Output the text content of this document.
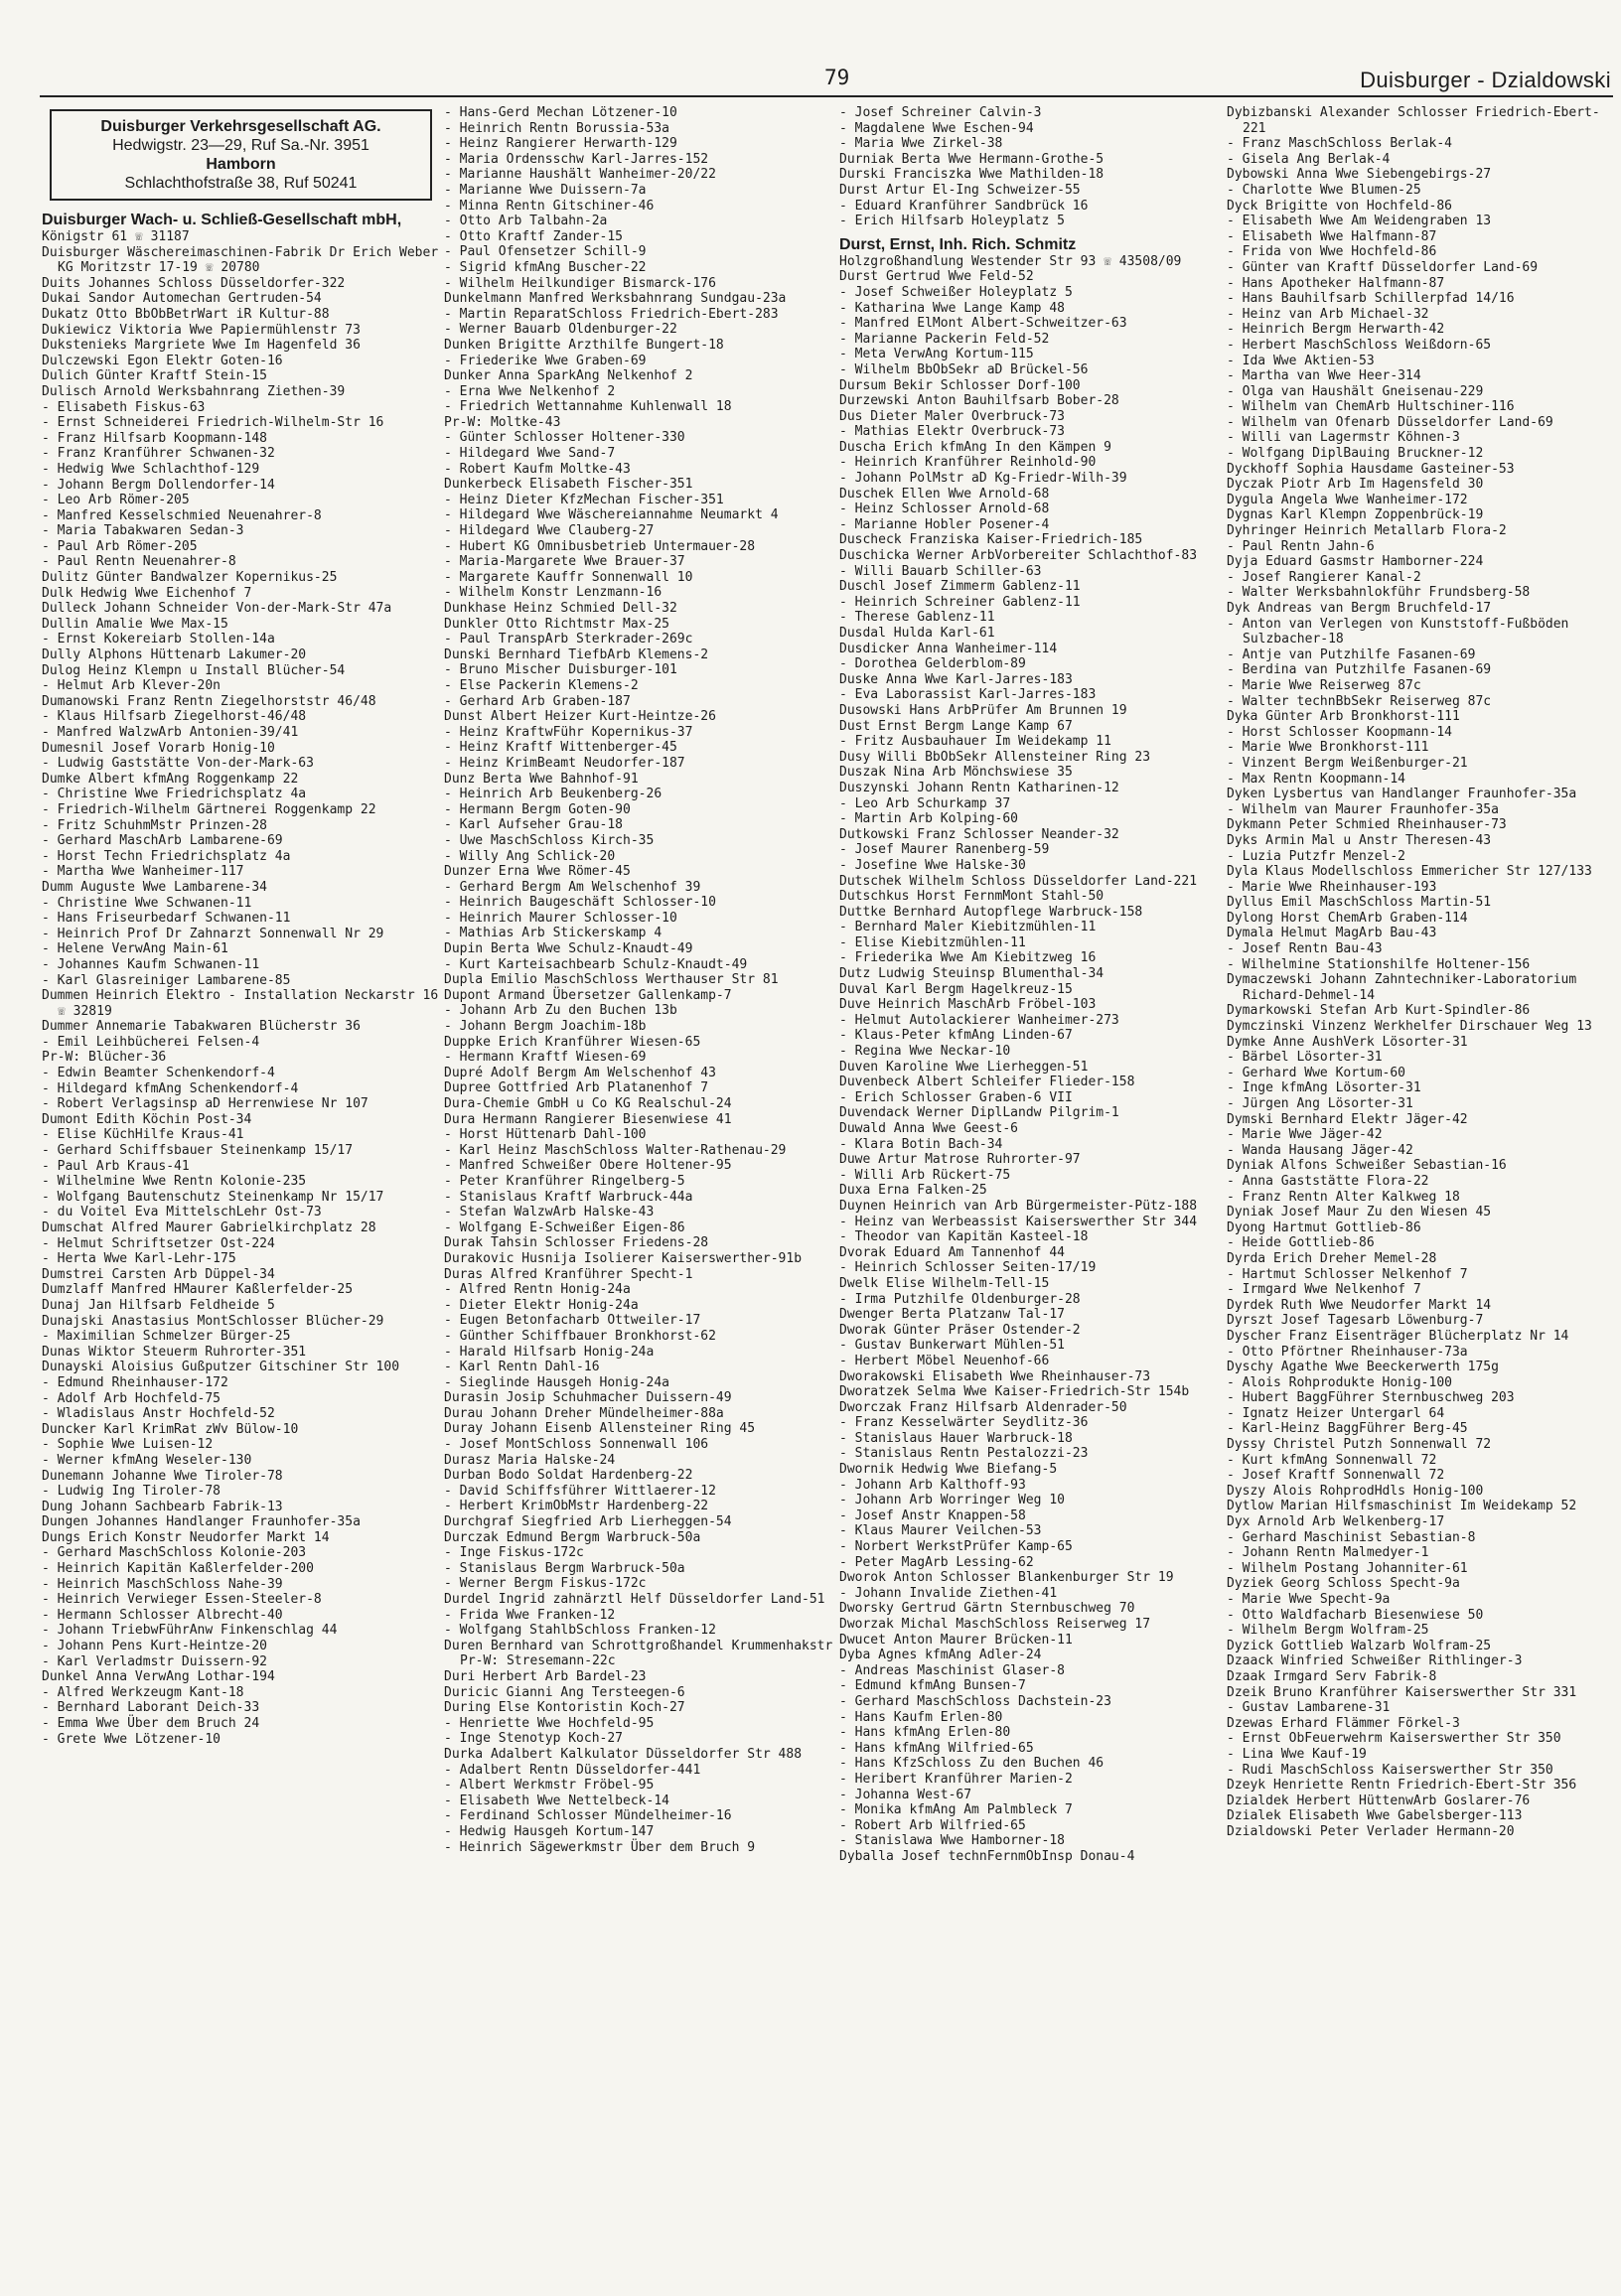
79	Duisburger - Dzialdowski
Duisburger Verkehrsgesellschaft AG.
Hedwigstr. 23—29, Ruf Sa.-Nr. 3951
Hamborn
Schlachthofstraße 38, Ruf 50241
Duisburger Wach- u. Schließ-Gesellschaft mbH,
Königstr 61 ☏ 31187
Duisburger Wäschereimaschinen-Fabrik Dr Erich Weber KG Moritzstr 17-19 ☏ 20780
Duits Johannes Schloss Düsseldorfer-322
Dukai Sandor Automechan Gertruden-54
Dukatz Otto BbObBetrWart iR Kultur-88
Dukiewicz Viktoria Wwe Papiermühlenstr 73
Dukstenieks Margriete Wwe Im Hagenfeld 36
Dulczewski Egon Elektr Goten-16
Dulich Günter Kraftf Stein-15
Dulisch Arnold Werksbahnrang Ziethen-39
- Elisabeth Fiskus-63
- Ernst Schneiderei Friedrich-Wilhelm-Str 16
- Franz Hilfsarb Koopmann-148
- Franz Kranführer Schwanen-32
- Hedwig Wwe Schlachthof-129
- Johann Bergm Dollendorfer-14
- Leo Arb Römer-205
- Manfred Kesselschmied Neuenahrer-8
- Maria Tabakwaren Sedan-3
- Paul Arb Römer-205
- Paul Rentn Neuenahrer-8
Dulitz Günter Bandwalzer Kopernikus-25
Dulk Hedwig Wwe Eichenhof 7
Dulleck Johann Schneider Von-der-Mark-Str 47a
Dullin Amalie Wwe Max-15
- Ernst Kokereiarb Stollen-14a
Dully Alphons Hüttenarb Lakumer-20
Dulog Heinz Klempn u Install Blücher-54
- Helmut Arb Klever-20n
Dumanowski Franz Rentn Ziegelhorststr 46/48
- Klaus Hilfsarb Ziegelhorst-46/48
- Manfred WalzwArb Antonien-39/41
Dumesnil Josef Vorarb Honig-10
- Ludwig Gaststätte Von-der-Mark-63
Dumke Albert kfmAng Roggenkamp 22
- Christine Wwe Friedrichsplatz 4a
- Friedrich-Wilhelm Gärtnerei Roggenkamp 22
- Fritz SchuhmMstr Prinzen-28
- Gerhard MaschArb Lambarene-69
- Horst Techn Friedrichsplatz 4a
- Martha Wwe Wanheimer-117
Dumm Auguste Wwe Lambarene-34
- Christine Wwe Schwanen-11
- Hans Friseurbedarf Schwanen-11
- Heinrich Prof Dr Zahnarzt Sonnenwall Nr 29
- Helene VerwAng Main-61
- Johannes Kaufm Schwanen-11
- Karl Glasreiniger Lambarene-85
Dummen Heinrich Elektro - Installation Neckarstr 16 ☏ 32819
Dummer Annemarie Tabakwaren Blücherstr 36
- Emil Leihbücherei Felsen-4
Pr-W: Blücher-36
- Edwin Beamter Schenkendorf-4
- Hildegard kfmAng Schenkendorf-4
- Robert Verlagsinsp aD Herrenwiese Nr 107
Dumont Edith Köchin Post-34
- Elise KüchHilfe Kraus-41
- Gerhard Schiffsbauer Steinenkamp 15/17
- Paul Arb Kraus-41
- Wilhelmine Wwe Rentn Kolonie-235
- Wolfgang Bautenschutz Steinenkamp Nr 15/17
- du Voitel Eva MittelschLehr Ost-73
Dumschat Alfred Maurer Gabrielkirchplatz 28
- Helmut Schriftsetzer Ost-224
- Herta Wwe Karl-Lehr-175
Dumstrei Carsten Arb Düppel-34
Dumzlaff Manfred HMaurer Kaßlerfelder-25
Dunaj Jan Hilfsarb Feldheide 5
Dunajski Anastasius MontSchlosser Blücher-29
- Maximilian Schmelzer Bürger-25
Dunas Wiktor Steuerm Ruhrorter-351
Dunayski Aloisius Gußputzer Gitschiner Str 100
- Edmund Rheinhauser-172
- Adolf Arb Hochfeld-75
- Wladislaus Anstr Hochfeld-52
Duncker Karl KrimRat zWv Bülow-10
- Sophie Wwe Luisen-12
- Werner kfmAng Weseler-130
Dunemann Johanne Wwe Tiroler-78
- Ludwig Ing Tiroler-78
Dung Johann Sachbearb Fabrik-13
Dungen Johannes Handlanger Fraunhofer-35a
Dungs Erich Konstr Neudorfer Markt 14
- Gerhard MaschSchloss Kolonie-203
- Heinrich Kapitän Kaßlerfelder-200
- Heinrich MaschSchloss Nahe-39
- Heinrich Verwieger Essen-Steeler-8
- Hermann Schlosser Albrecht-40
- Johann TriebwFührAnw Finkenschlag 44
- Johann Pens Kurt-Heintze-20
- Karl Verladmstr Duissern-92
Dunkel Anna VerwAng Lothar-194
- Alfred Werkzeugm Kant-18
- Bernhard Laborant Deich-33
- Emma Wwe Über dem Bruch 24
- Grete Wwe Lötzener-10
- Hans-Gerd Mechan Lötzener-10
- Heinrich Rentn Borussia-53a
- Heinz Rangierer Herwarth-129
- Maria Ordensschw Karl-Jarres-152
- Marianne Haushält Wanheimer-20/22
- Marianne Wwe Duissern-7a
- Minna Rentn Gitschiner-46
- Otto Arb Talbahn-2a
- Otto Kraftf Zander-15
- Paul Ofensetzer Schill-9
- Sigrid kfmAng Buscher-22
- Wilhelm Heilkundiger Bismarck-176
Dunkelmann Manfred Werksbahnrang Sundgau-23a
- Martin ReparatSchloss Friedrich-Ebert-283
- Werner Bauarb Oldenburger-22
Dunken Brigitte Arzthilfe Bungert-18
- Friederike Wwe Graben-69
Dunker Anna SparkAng Nelkenhof 2
- Erna Wwe Nelkenhof 2
- Friedrich Wettannahme Kuhlenwall 18
Pr-W: Moltke-43
- Günter Schlosser Holtener-330
- Hildegard Wwe Sand-7
- Robert Kaufm Moltke-43
Dunkerbeck Elisabeth Fischer-351
- Heinz Dieter KfzMechan Fischer-351
- Hildegard Wwe Wäschereiannahme Neumarkt 4
- Hildegard Wwe Clauberg-27
- Hubert KG Omnibusbetrieb Untermauer-28
- Maria-Margarete Wwe Brauer-37
- Margarete Kauffr Sonnenwall 10
- Wilhelm Konstr Lenzmann-16
Dunkhase Heinz Schmied Dell-32
Dunkler Otto Richtmstr Max-25
- Paul TranspArb Sterkrader-269c
Dunski Bernhard TiefbArb Klemens-2
- Bruno Mischer Duisburger-101
- Else Packerin Klemens-2
- Gerhard Arb Graben-187
Dunst Albert Heizer Kurt-Heintze-26
- Heinz KraftwFühr Kopernikus-37
- Heinz Kraftf Wittenberger-45
- Heinz KrimBeamt Neudorfer-187
Dunz Berta Wwe Bahnhof-91
- Heinrich Arb Beukenberg-26
- Hermann Bergm Goten-90
- Karl Aufseher Grau-18
- Uwe MaschSchloss Kirch-35
- Willy Ang Schlick-20
Dunzer Erna Wwe Römer-45
- Gerhard Bergm Am Welschenhof 39
- Heinrich Baugeschäft Schlosser-10
- Heinrich Maurer Schlosser-10
- Mathias Arb Stickerskamp 4
Dupin Berta Wwe Schulz-Knaudt-49
- Kurt Karteisachbearb Schulz-Knaudt-49
Dupla Emilio MaschSchloss Werthauser Str 81
Dupont Armand Übersetzer Gallenkamp-7
- Johann Arb Zu den Buchen 13b
- Johann Bergm Joachim-18b
Duppke Erich Kranführer Wiesen-65
- Hermann Kraftf Wiesen-69
Dupré Adolf Bergm Am Welschenhof 43
Dupree Gottfried Arb Platanenhof 7
Dura-Chemie GmbH u Co KG Realschul-24
Dura Hermann Rangierer Biesenwiese 41
- Horst Hüttenarb Dahl-100
- Karl Heinz MaschSchloss Walter-Rathenau-29
- Manfred Schweißer Obere Holtener-95
- Peter Kranführer Ringelberg-5
- Stanislaus Kraftf Warbruck-44a
- Stefan WalzwArb Halske-43
- Wolfgang E-Schweißer Eigen-86
Durak Tahsin Schlosser Friedens-28
Durakovic Husnija Isolierer Kaiserswerther-91b
Duras Alfred Kranführer Specht-1
- Alfred Rentn Honig-24a
- Dieter Elektr Honig-24a
- Eugen Betonfacharb Ottweiler-17
- Günther Schiffbauer Bronkhorst-62
- Harald Hilfsarb Honig-24a
- Karl Rentn Dahl-16
- Sieglinde Hausgeh Honig-24a
Durasin Josip Schuhmacher Duissern-49
Durau Johann Dreher Mündelheimer-88a
Duray Johann Eisenb Allensteiner Ring 45
- Josef MontSchloss Sonnenwall 106
Durasz Maria Halske-24
Durban Bodo Soldat Hardenberg-22
- David Schiffsführer Wittlaerer-12
- Herbert KrimObMstr Hardenberg-22
Durchgraf Siegfried Arb Lierheggen-54
Durczak Edmund Bergm Warbruck-50a
- Inge Fiskus-172c
- Stanislaus Bergm Warbruck-50a
- Werner Bergm Fiskus-172c
Durdel Ingrid zahnärztl Helf Düsseldorfer Land-51
- Frida Wwe Franken-12
- Wolfgang StahlbSchloss Franken-12
Duren Bernhard van Schrottgroßhandel Krummenhakstr Pr-W: Stresemann-22c
Duri Herbert Arb Bardel-23
Duricic Gianni Ang Tersteegen-6
During Else Kontoristin Koch-27
- Henriette Wwe Hochfeld-95
- Inge Stenotyp Koch-27
Durka Adalbert Kalkulator Düsseldorfer Str 488
- Adalbert Rentn Düsseldorfer-441
- Albert Werkmstr Fröbel-95
- Elisabeth Wwe Nettelbeck-14
- Ferdinand Schlosser Mündelheimer-16
- Hedwig Hausgeh Kortum-147
- Heinrich Sägewerkmstr Über dem Bruch 9
- Josef Schreiner Calvin-3
- Magdalene Wwe Eschen-94
- Maria Wwe Zirkel-38
Durniak Berta Wwe Hermann-Grothe-5
Durski Franciszka Wwe Mathilden-18
Durst Artur El-Ing Schweizer-55
- Eduard Kranführer Sandbrück 16
- Erich Hilfsarb Holeyplatz 5
Durst, Ernst, Inh. Rich. Schmitz
Holzgroßhandlung Westender Str 93 ☏ 43508/09
Durst Gertrud Wwe Feld-52
- Josef Schweißer Holeyplatz 5
- Katharina Wwe Lange Kamp 48
- Manfred ElMont Albert-Schweitzer-63
- Marianne Packerin Feld-52
- Meta VerwAng Kortum-115
- Wilhelm BbObSekr aD Brückel-56
Dursum Bekir Schlosser Dorf-100
Durzewski Anton Bauhilfsarb Bober-28
Dus Dieter Maler Overbruck-73
- Mathias Elektr Overbruck-73
Duscha Erich kfmAng In den Kämpen 9
- Heinrich Kranführer Reinhold-90
- Johann PolMstr aD Kg-Friedr-Wilh-39
Duschek Ellen Wwe Arnold-68
- Heinz Schlosser Arnold-68
- Marianne Hobler Posener-4
Duscheck Franziska Kaiser-Friedrich-185
Duschicka Werner ArbVorbereiter Schlachthof-83
- Willi Bauarb Schiller-63
Duschl Josef Zimmerm Gablenz-11
- Heinrich Schreiner Gablenz-11
- Therese Gablenz-11
Dusdal Hulda Karl-61
Dusdicker Anna Wanheimer-114
- Dorothea Gelderblom-89
Duske Anna Wwe Karl-Jarres-183
- Eva Laborassist Karl-Jarres-183
Dusowski Hans ArbPrüfer Am Brunnen 19
Dust Ernst Bergm Lange Kamp 67
- Fritz Ausbauhauer Im Weidekamp 11
Dusy Willi BbObSekr Allensteiner Ring 23
Duszak Nina Arb Mönchswiese 35
Duszynski Johann Rentn Katharinen-12
- Leo Arb Schurkamp 37
- Martin Arb Kolping-60
Dutkowski Franz Schlosser Neander-32
- Josef Maurer Ranenberg-59
- Josefine Wwe Halske-30
Dutschek Wilhelm Schloss Düsseldorfer Land-221
Dutschkus Horst FernmMont Stahl-50
Duttke Bernhard Autopflege Warbruck-158
- Bernhard Maler Kiebitzmühlen-11
- Elise Kiebitzmühlen-11
- Friederika Wwe Am Kiebitzweg 16
Dutz Ludwig Steuinsp Blumenthal-34
Duval Karl Bergm Hagelkreuz-15
Duve Heinrich MaschArb Fröbel-103
- Helmut Autolackierer Wanheimer-273
- Klaus-Peter kfmAng Linden-67
- Regina Wwe Neckar-10
Duven Karoline Wwe Lierheggen-51
Duvenbeck Albert Schleifer Flieder-158
- Erich Schlosser Graben-6 VII
Duvendack Werner DiplLandw Pilgrim-1
Duwald Anna Wwe Geest-6
- Klara Botin Bach-34
Duwe Artur Matrose Ruhrorter-97
- Willi Arb Rückert-75
Duxa Erna Falken-25
Duynen Heinrich van Arb Bürgermeister-Pütz-188
- Heinz van Werbeassist Kaiserswerther Str 344
- Theodor van Kapitän Kasteel-18
Dvorak Eduard Am Tannenhof 44
- Heinrich Schlosser Seiten-17/19
Dwelk Elise Wilhelm-Tell-15
- Irma Putzhilfe Oldenburger-28
Dwenger Berta Platzanw Tal-17
Dworak Günter Präser Ostender-2
- Gustav Bunkerwart Mühlen-51
- Herbert Möbel Neuenhof-66
Dworakowski Elisabeth Wwe Rheinhauser-73
Dworatzek Selma Wwe Kaiser-Friedrich-Str 154b
Dworczak Franz Hilfsarb Aldenrader-50
- Franz Kesselwärter Seydlitz-36
- Stanislaus Hauer Warbruck-18
- Stanislaus Rentn Pestalozzi-23
Dwornik Hedwig Wwe Biefang-5
- Johann Arb Kalthoff-93
- Johann Arb Worringer Weg 10
- Josef Anstr Knappen-58
- Klaus Maurer Veilchen-53
- Norbert WerkstPrüfer Kamp-65
- Peter MagArb Lessing-62
Dworok Anton Schlosser Blankenburger Str 19
- Johann Invalide Ziethen-41
Dworsky Gertrud Gärtn Sternbuschweg 70
Dworzak Michal MaschSchloss Reiserweg 17
Dwucet Anton Maurer Brücken-11
Dyba Agnes kfmAng Adler-24
- Andreas Maschinist Glaser-8
- Edmund kfmAng Bunsen-7
- Gerhard MaschSchloss Dachstein-23
- Hans Kaufm Erlen-80
- Hans kfmAng Erlen-80
- Hans kfmAng Wilfried-65
- Hans KfzSchloss Zu den Buchen 46
- Heribert Kranführer Marien-2
- Johanna West-67
- Monika kfmAng Am Palmbleck 7
- Robert Arb Wilfried-65
- Stanislawa Wwe Hamborner-18
Dyballa Josef technFernmObInsp Donau-4
Dybizbanski Alexander Schlosser Friedrich-Ebert-221
- Franz MaschSchloss Berlak-4
- Gisela Ang Berlak-4
Dybowski Anna Wwe Siebengebirgs-27
- Charlotte Wwe Blumen-25
Dyck Brigitte von Hochfeld-86
- Elisabeth Wwe Am Weidengraben 13
- Elisabeth Wwe Halfmann-87
- Frida von Wwe Hochfeld-86
- Günter van Kraftf Düsseldorfer Land-69
- Hans Apotheker Halfmann-87
- Hans Bauhilfsarb Schillerpfad 14/16
- Heinz van Arb Michael-32
- Heinrich Bergm Herwarth-42
- Herbert MaschSchloss Weißdorn-65
- Ida Wwe Aktien-53
- Martha van Wwe Heer-314
- Olga van Haushält Gneisenau-229
- Wilhelm van ChemArb Hultschiner-116
- Wilhelm van Ofenarb Düsseldorfer Land-69
- Willi van Lagermstr Köhnen-3
- Wolfgang DiplBauing Bruckner-12
Dyckhoff Sophia Hausdame Gasteiner-53
Dyczak Piotr Arb Im Hagensfeld 30
Dygula Angela Wwe Wanheimer-172
Dygnas Karl Klempn Zoppenbrück-19
Dyhringer Heinrich Metallarb Flora-2
- Paul Rentn Jahn-6
Dyja Eduard Gasmstr Hamborner-224
- Josef Rangierer Kanal-2
- Walter Werksbahnlokführ Frundsberg-58
Dyk Andreas van Bergm Bruchfeld-17
- Anton van Verlegen von Kunststoff-Fußböden Sulzbacher-18
- Antje van Putzhilfe Fasanen-69
- Berdina van Putzhilfe Fasanen-69
- Marie Wwe Reiserweg 87c
- Walter technBbSekr Reiserweg 87c
Dyka Günter Arb Bronkhorst-111
- Horst Schlosser Koopmann-14
- Marie Wwe Bronkhorst-111
- Vinzent Bergm Weißenburger-21
- Max Rentn Koopmann-14
Dyken Lysbertus van Handlanger Fraunhofer-35a
- Wilhelm van Maurer Fraunhofer-35a
Dykmann Peter Schmied Rheinhauser-73
Dyks Armin Mal u Anstr Theresen-43
- Luzia Putzfr Menzel-2
Dyla Klaus Modellschloss Emmericher Str 127/133
- Marie Wwe Rheinhauser-193
Dyllus Emil MaschSchloss Martin-51
Dylong Horst ChemArb Graben-114
Dymala Helmut MagArb Bau-43
- Josef Rentn Bau-43
- Wilhelmine Stationshilfe Holtener-156
Dymaczewski Johann Zahntechniker-Laboratorium Richard-Dehmel-14
Dymarkowski Stefan Arb Kurt-Spindler-86
Dymczinski Vinzenz Werkhelfer Dirschauer Weg 13
Dymke Anne AushVerk Lösorter-31
- Bärbel Lösorter-31
- Gerhard Wwe Kortum-60
- Inge kfmAng Lösorter-31
- Jürgen Ang Lösorter-31
Dymski Bernhard Elektr Jäger-42
- Marie Wwe Jäger-42
- Wanda Hausang Jäger-42
Dyniak Alfons Schweißer Sebastian-16
- Anna Gaststätte Flora-22
- Franz Rentn Alter Kalkweg 18
Dyniak Josef Maur Zu den Wiesen 45
Dyong Hartmut Gottlieb-86
- Heide Gottlieb-86
Dyrda Erich Dreher Memel-28
- Hartmut Schlosser Nelkenhof 7
- Irmgard Wwe Nelkenhof 7
Dyrdek Ruth Wwe Neudorfer Markt 14
Dyrszt Josef Tagesarb Löwenburg-7
Dyscher Franz Eisenträger Blücherplatz Nr 14
- Otto Pförtner Rheinhauser-73a
Dyschy Agathe Wwe Beeckerwerth 175g
- Alois Rohprodukte Honig-100
- Hubert BaggFührer Sternbuschweg 203
- Ignatz Heizer Untergarl 64
- Karl-Heinz BaggFührer Berg-45
Dyssy Christel Putzh Sonnenwall 72
- Kurt kfmAng Sonnenwall 72
- Josef Kraftf Sonnenwall 72
Dyszy Alois RohprodHdls Honig-100
Dytlow Marian Hilfsmaschinist Im Weidekamp 52
Dyx Arnold Arb Welkenberg-17
- Gerhard Maschinist Sebastian-8
- Johann Rentn Malmedyer-1
- Wilhelm Postang Johanniter-61
Dyziek Georg Schloss Specht-9a
- Marie Wwe Specht-9a
- Otto Waldfacharb Biesenwiese 50
- Wilhelm Bergm Wolfram-25
Dyzick Gottlieb Walzarb Wolfram-25
Dzaack Winfried Schweißer Rithlinger-3
Dzaak Irmgard Serv Fabrik-8
Dzeik Bruno Kranführer Kaiserswerther Str 331
- Gustav Lambarene-31
Dzewas Erhard Flämmer Förkel-3
- Ernst ObFeuerwehrm Kaiserswerther Str 350
- Lina Wwe Kauf-19
- Rudi MaschSchloss Kaiserswerther Str 350
Dzeyk Henriette Rentn Friedrich-Ebert-Str 356
Dzialdek Herbert HüttenwArb Goslarer-76
Dzialek Elisabeth Wwe Gabelsberger-113
Dzialdowski Peter Verlader Hermann-20
